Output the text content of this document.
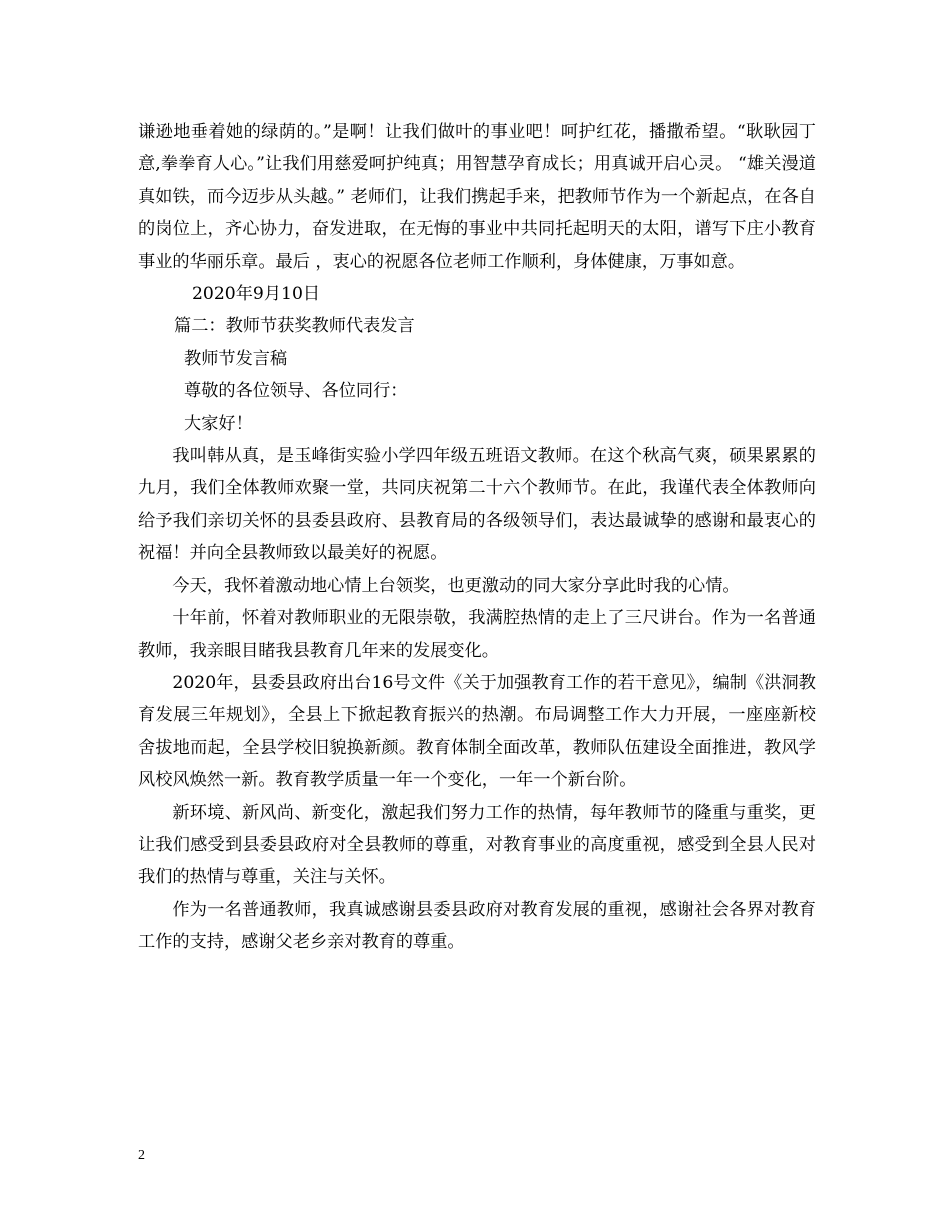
谦逊地垂着她的绿荫的。”是啊！让我们做叶的事业吧！呵护红花，播撒希望。“耿耿园丁意,拳拳育人心。”让我们用慈爱呵护纯真；用智慧孕育成长；用真诚开启心灵。 “雄关漫道真如铁，而今迈步从头越。” 老师们，让我们携起手来，把教师节作为一个新起点，在各自的岗位上，齐心协力，奋发进取，在无悔的事业中共同托起明天的太阳，谱写下庄小教育事业的华丽乐章。最后 ，衷心的祝愿各位老师工作顺利，身体健康，万事如意。

2020年9月10日

篇二：教师节获奖教师代表发言

教师节发言稿

尊敬的各位领导、各位同行：

大家好！

我叫韩从真，是玉峰街实验小学四年级五班语文教师。在这个秋高气爽，硕果累累的九月，我们全体教师欢聚一堂，共同庆祝第二十六个教师节。在此，我谨代表全体教师向给予我们亲切关怀的县委县政府、县教育局的各级领导们，表达最诚挚的感谢和最衷心的祝福！并向全县教师致以最美好的祝愿。

今天，我怀着激动地心情上台领奖，也更激动的同大家分享此时我的心情。

十年前，怀着对教师职业的无限崇敬，我满腔热情的走上了三尺讲台。作为一名普通教师，我亲眼目睹我县教育几年来的发展变化。

2020年，县委县政府出台16号文件《关于加强教育工作的若干意见》，编制《洪洞教育发展三年规划》，全县上下掀起教育振兴的热潮。布局调整工作大力开展，一座座新校舍拔地而起，全县学校旧貌换新颜。教育体制全面改革，教师队伍建设全面推进，教风学风校风焕然一新。教育教学质量一年一个变化，一年一个新台阶。

新环境、新风尚、新变化，激起我们努力工作的热情，每年教师节的隆重与重奖，更让我们感受到县委县政府对全县教师的尊重，对教育事业的高度重视，感受到全县人民对我们的热情与尊重，关注与关怀。

作为一名普通教师，我真诚感谢县委县政府对教育发展的重视，感谢社会各界对教育工作的支持，感谢父老乡亲对教育的尊重。

2
